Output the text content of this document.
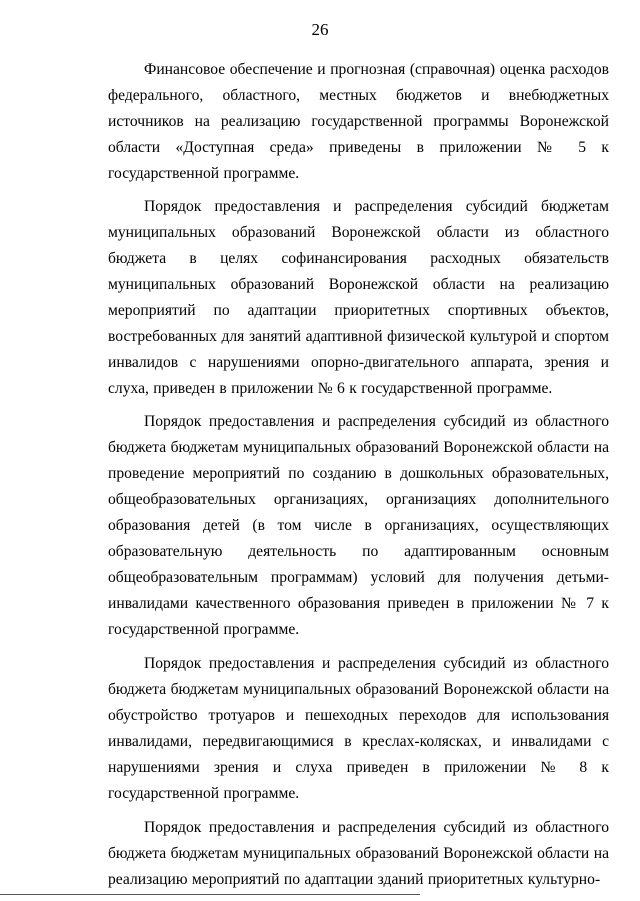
26

Финансовое обеспечение и прогнозная (справочная) оценка расходов федерального, областного, местных бюджетов и внебюджетных источников на реализацию государственной программы Воронежской области «Доступная среда» приведены в приложении № 5 к государственной программе.

Порядок предоставления и распределения субсидий бюджетам муниципальных образований Воронежской области из областного бюджета в целях софинансирования расходных обязательств муниципальных образований Воронежской области на реализацию мероприятий по адаптации приоритетных спортивных объектов, востребованных для занятий адаптивной физической культурой и спортом инвалидов с нарушениями опорно-двигательного аппарата, зрения и слуха, приведен в приложении № 6 к государственной программе.

Порядок предоставления и распределения субсидий из областного бюджета бюджетам муниципальных образований Воронежской области на проведение мероприятий по созданию в дошкольных образовательных, общеобразовательных организациях, организациях дополнительного образования детей (в том числе в организациях, осуществляющих образовательную деятельность по адаптированным основным общеобразовательным программам) условий для получения детьми-инвалидами качественного образования приведен в приложении № 7 к государственной программе.

Порядок предоставления и распределения субсидий из областного бюджета бюджетам муниципальных образований Воронежской области на обустройство тротуаров и пешеходных переходов для использования инвалидами, передвигающимися в креслах-колясках, и инвалидами с нарушениями зрения и слуха приведен в приложении № 8 к государственной программе.

Порядок предоставления и распределения субсидий из областного бюджета бюджетам муниципальных образований Воронежской области на реализацию мероприятий по адаптации зданий приоритетных культурно-
